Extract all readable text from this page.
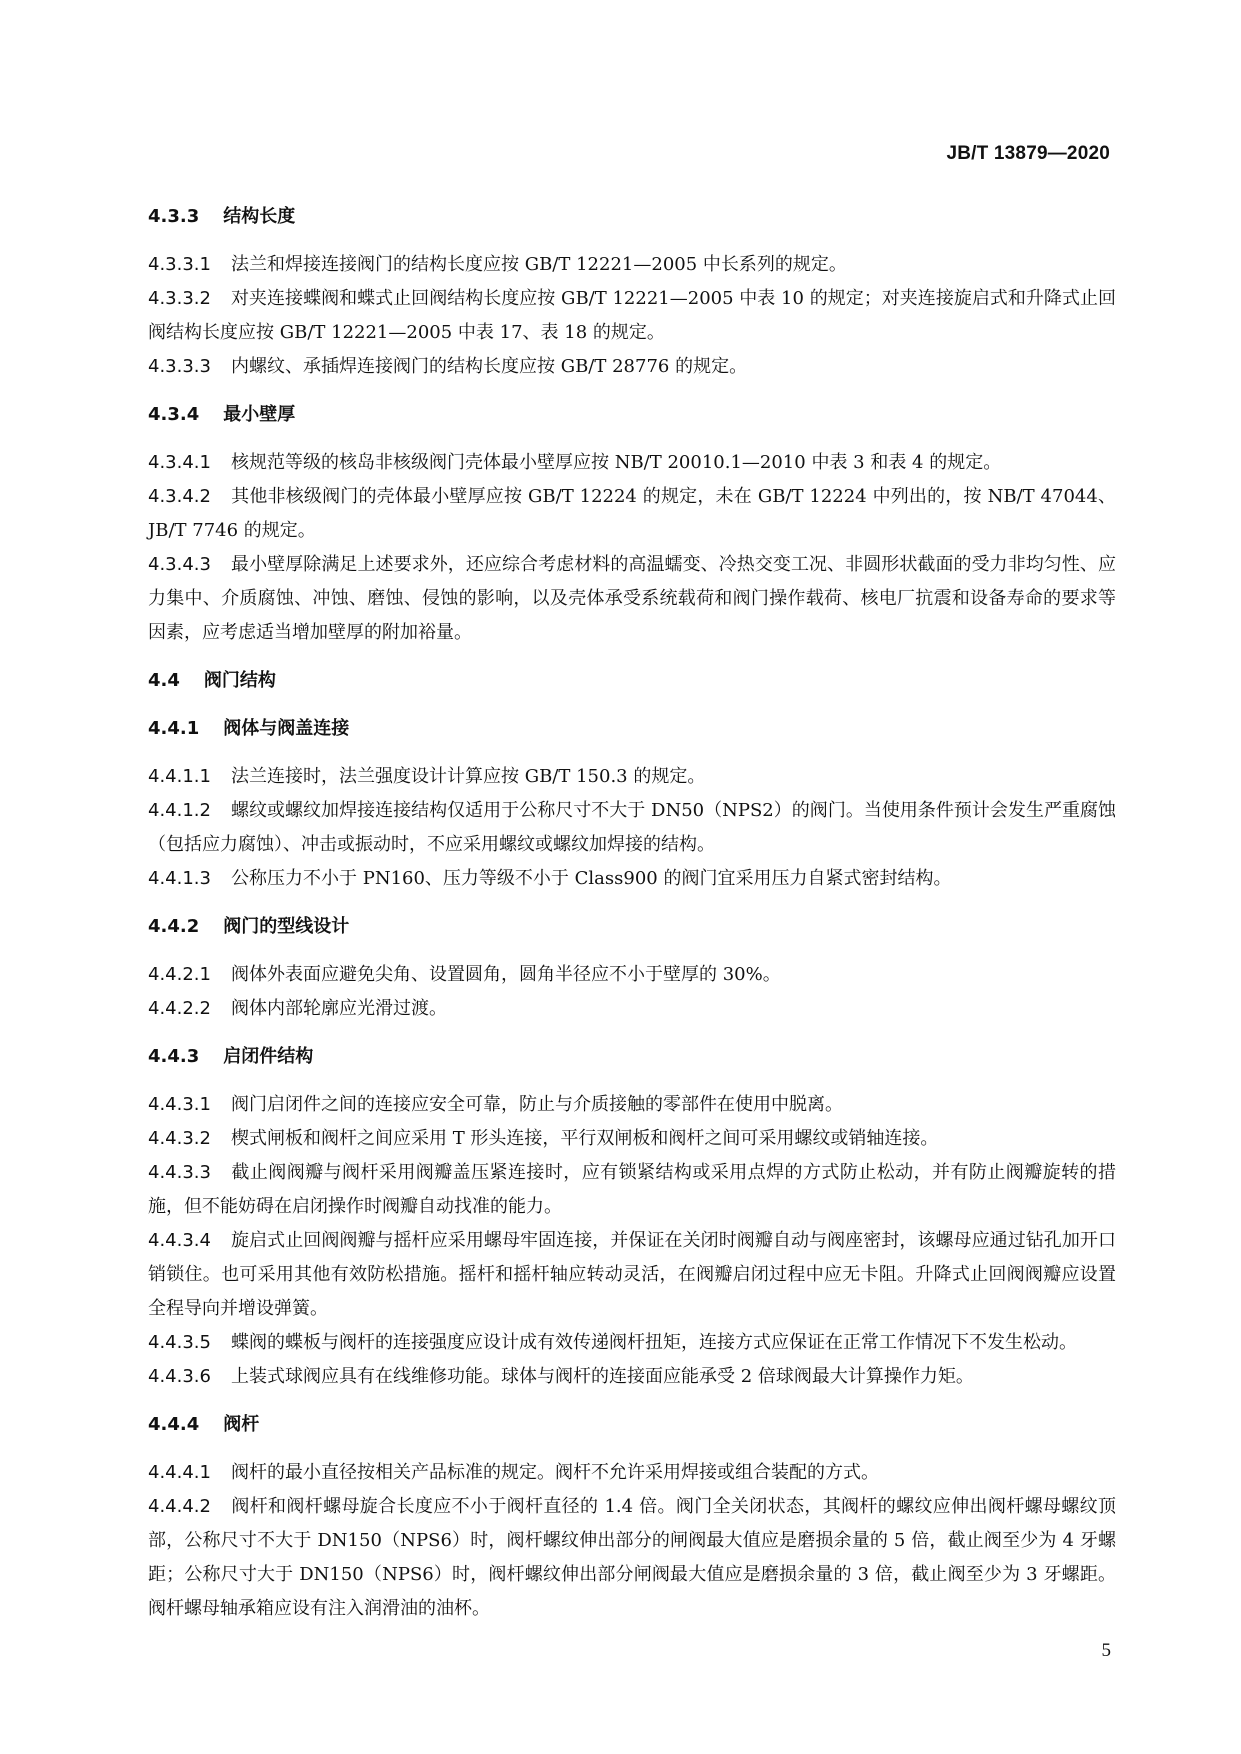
JB/T 13879—2020
4.3.3 结构长度
4.3.3.1 法兰和焊接连接阀门的结构长度应按 GB/T 12221—2005 中长系列的规定。
4.3.3.2 对夹连接蝶阀和蝶式止回阀结构长度应按 GB/T 12221—2005 中表 10 的规定；对夹连接旋启式和升降式止回阀结构长度应按 GB/T 12221—2005 中表 17、表 18 的规定。
4.3.3.3 内螺纹、承插焊连接阀门的结构长度应按 GB/T 28776 的规定。
4.3.4 最小壁厚
4.3.4.1 核规范等级的核岛非核级阀门壳体最小壁厚应按 NB/T 20010.1—2010 中表 3 和表 4 的规定。
4.3.4.2 其他非核级阀门的壳体最小壁厚应按 GB/T 12224 的规定，未在 GB/T 12224 中列出的，按 NB/T 47044、JB/T 7746 的规定。
4.3.4.3 最小壁厚除满足上述要求外，还应综合考虑材料的高温蠕变、冷热交变工况、非圆形状截面的受力非均匀性、应力集中、介质腐蚀、冲蚀、磨蚀、侵蚀的影响，以及壳体承受系统载荷和阀门操作载荷、核电厂抗震和设备寿命的要求等因素，应考虑适当增加壁厚的附加裕量。
4.4 阀门结构
4.4.1 阀体与阀盖连接
4.4.1.1 法兰连接时，法兰强度设计计算应按 GB/T 150.3 的规定。
4.4.1.2 螺纹或螺纹加焊接连接结构仅适用于公称尺寸不大于 DN50（NPS2）的阀门。当使用条件预计会发生严重腐蚀（包括应力腐蚀）、冲击或振动时，不应采用螺纹或螺纹加焊接的结构。
4.4.1.3 公称压力不小于 PN160、压力等级不小于 Class900 的阀门宜采用压力自紧式密封结构。
4.4.2 阀门的型线设计
4.4.2.1 阀体外表面应避免尖角、设置圆角，圆角半径应不小于壁厚的 30%。
4.4.2.2 阀体内部轮廓应光滑过渡。
4.4.3 启闭件结构
4.4.3.1 阀门启闭件之间的连接应安全可靠，防止与介质接触的零部件在使用中脱离。
4.4.3.2 楔式闸板和阀杆之间应采用 T 形头连接，平行双闸板和阀杆之间可采用螺纹或销轴连接。
4.4.3.3 截止阀阀瓣与阀杆采用阀瓣盖压紧连接时，应有锁紧结构或采用点焊的方式防止松动，并有防止阀瓣旋转的措施，但不能妨碍在启闭操作时阀瓣自动找准的能力。
4.4.3.4 旋启式止回阀阀瓣与摇杆应采用螺母牢固连接，并保证在关闭时阀瓣自动与阀座密封，该螺母应通过钻孔加开口销锁住。也可采用其他有效防松措施。摇杆和摇杆轴应转动灵活，在阀瓣启闭过程中应无卡阻。升降式止回阀阀瓣应设置全程导向并增设弹簧。
4.4.3.5 蝶阀的蝶板与阀杆的连接强度应设计成有效传递阀杆扭矩，连接方式应保证在正常工作情况下不发生松动。
4.4.3.6 上装式球阀应具有在线维修功能。球体与阀杆的连接面应能承受 2 倍球阀最大计算操作力矩。
4.4.4 阀杆
4.4.4.1 阀杆的最小直径按相关产品标准的规定。阀杆不允许采用焊接或组合装配的方式。
4.4.4.2 阀杆和阀杆螺母旋合长度应不小于阀杆直径的 1.4 倍。阀门全关闭状态，其阀杆的螺纹应伸出阀杆螺母螺纹顶部，公称尺寸不大于 DN150（NPS6）时，阀杆螺纹伸出部分的闸阀最大值应是磨损余量的 5 倍，截止阀至少为 4 牙螺距；公称尺寸大于 DN150（NPS6）时，阀杆螺纹伸出部分闸阀最大值应是磨损余量的 3 倍，截止阀至少为 3 牙螺距。阀杆螺母轴承箱应设有注入润滑油的油杯。
5
